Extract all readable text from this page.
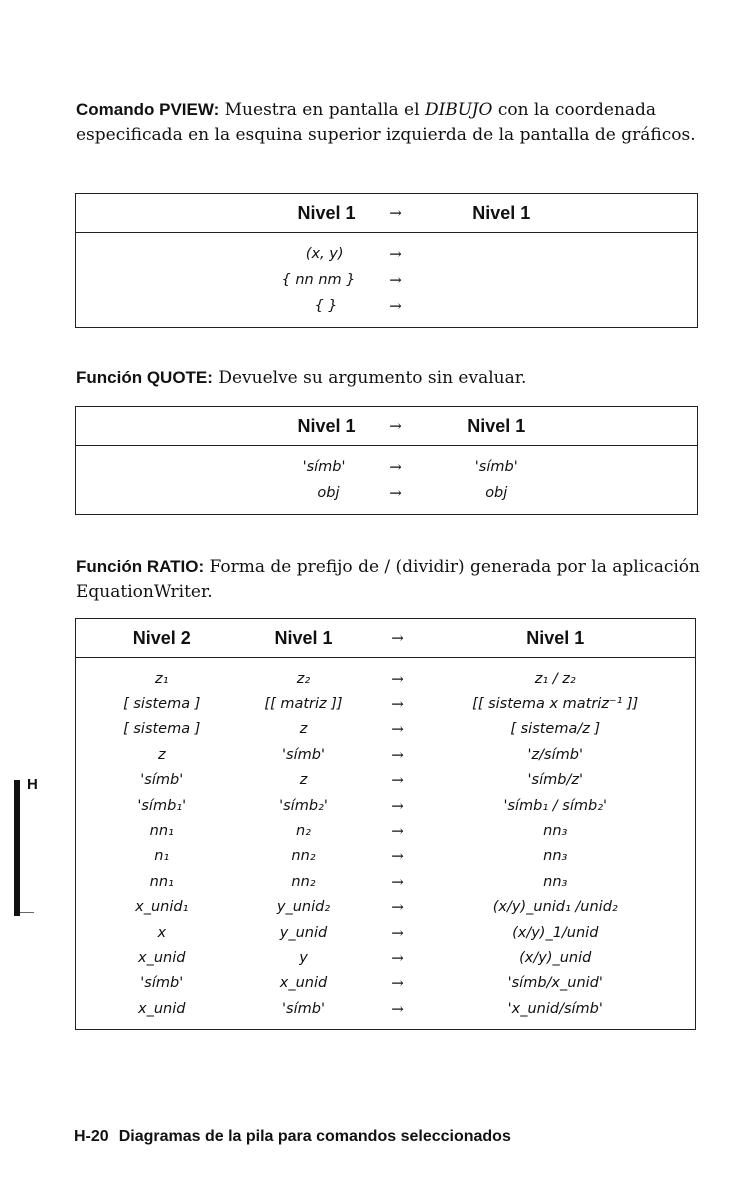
Comando PVIEW: Muestra en pantalla el DIBUJO con la coordenada especificada en la esquina superior izquierda de la pantalla de gráficos.
Nivel 1	→	Nivel 1
(x, y)	→	
{ nn nm }	→	
{ }	→	
Función QUOTE: Devuelve su argumento sin evaluar.
Nivel 1	→	Nivel 1
'símb'	→	'símb'
obj	→	obj
Función RATIO: Forma de prefijo de / (dividir) generada por la aplicación EquationWriter.
Nivel 2	Nivel 1	→	Nivel 1
z₁	z₂	→	z₁ / z₂
[ sistema ]	[[ matriz ]]	→	[[ sistema x matriz⁻¹ ]]
[ sistema ]	z	→	[ sistema/z ]
z	'símb'	→	'z/símb'
'símb'	z	→	'símb/z'
'símb₁'	'símb₂'	→	'símb₁ / símb₂'
nn₁	n₂	→	nn₃
n₁	nn₂	→	nn₃
nn₁	nn₂	→	nn₃
x_unid₁	y_unid₂	→	(x/y)_unid₁ /unid₂
x	y_unid	→	(x/y)_1/unid
x_unid	y	→	(x/y)_unid
'símb'	x_unid	→	'símb/x_unid'
x_unid	'símb'	→	'x_unid/símb'
H
H-20 Diagramas de la pila para comandos seleccionados
